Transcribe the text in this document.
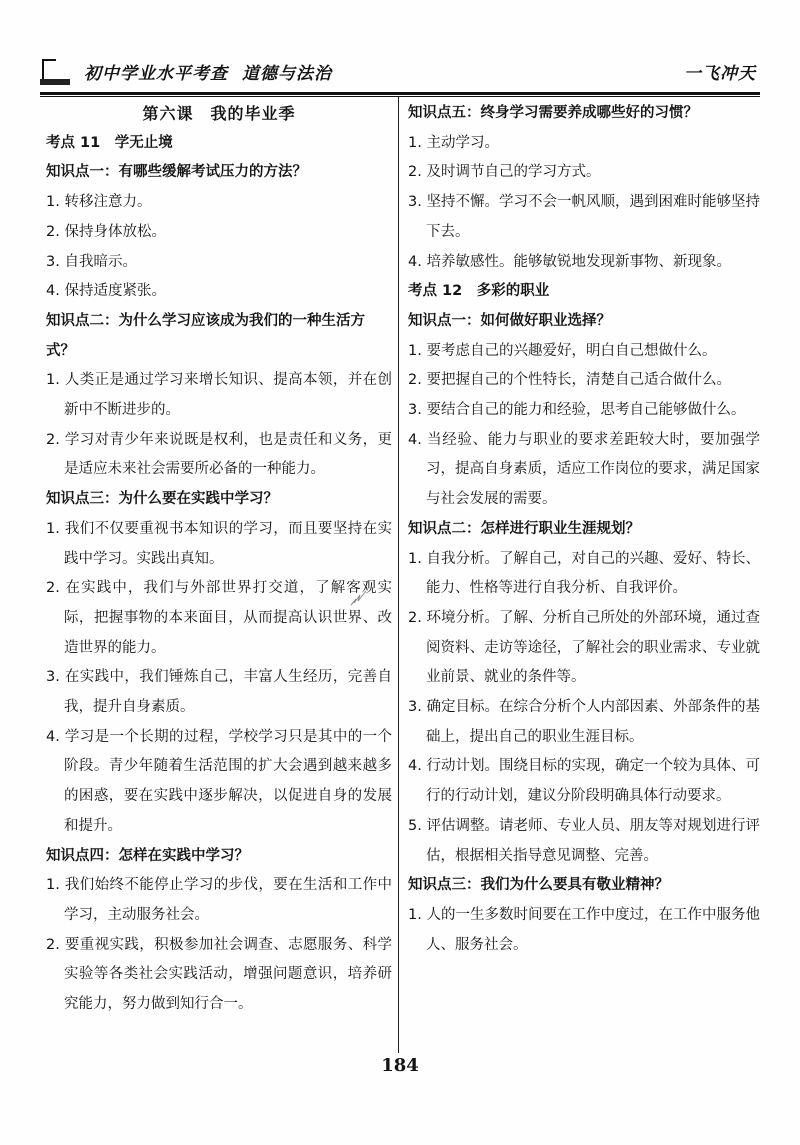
初中学业水平考查 道德与法治	一飞冲天
第六课　我的毕业季
考点 11　学无止境
知识点一：有哪些缓解考试压力的方法？
1. 转移注意力。
2. 保持身体放松。
3. 自我暗示。
4. 保持适度紧张。
知识点二：为什么学习应该成为我们的一种生活方式？
1. 人类正是通过学习来增长知识、提高本领，并在创新中不断进步的。
2. 学习对青少年来说既是权利，也是责任和义务，更是适应未来社会需要所必备的一种能力。
知识点三：为什么要在实践中学习？
1. 我们不仅要重视书本知识的学习，而且要坚持在实践中学习。实践出真知。
2. 在实践中，我们与外部世界打交道，了解客观实际，把握事物的本来面目，从而提高认识世界、改造世界的能力。
3. 在实践中，我们锤炼自己，丰富人生经历，完善自我，提升自身素质。
4. 学习是一个长期的过程，学校学习只是其中的一个阶段。青少年随着生活范围的扩大会遇到越来越多的困惑，要在实践中逐步解决，以促进自身的发展和提升。
知识点四：怎样在实践中学习？
1. 我们始终不能停止学习的步伐，要在生活和工作中学习，主动服务社会。
2. 要重视实践，积极参加社会调查、志愿服务、科学实验等各类社会实践活动，增强问题意识，培养研究能力，努力做到知行合一。
知识点五：终身学习需要养成哪些好的习惯？
1. 主动学习。
2. 及时调节自己的学习方式。
3. 坚持不懈。学习不会一帆风顺，遇到困难时能够坚持下去。
4. 培养敏感性。能够敏锐地发现新事物、新现象。
考点 12　多彩的职业
知识点一：如何做好职业选择？
1. 要考虑自己的兴趣爱好，明白自己想做什么。
2. 要把握自己的个性特长，清楚自己适合做什么。
3. 要结合自己的能力和经验，思考自己能够做什么。
4. 当经验、能力与职业的要求差距较大时，要加强学习，提高自身素质，适应工作岗位的要求，满足国家与社会发展的需要。
知识点二：怎样进行职业生涯规划？
1. 自我分析。了解自己，对自己的兴趣、爱好、特长、能力、性格等进行自我分析、自我评价。
2. 环境分析。了解、分析自己所处的外部环境，通过查阅资料、走访等途径，了解社会的职业需求、专业就业前景、就业的条件等。
3. 确定目标。在综合分析个人内部因素、外部条件的基础上，提出自己的职业生涯目标。
4. 行动计划。围绕目标的实现，确定一个较为具体、可行的行动计划，建议分阶段明确具体行动要求。
5. 评估调整。请老师、专业人员、朋友等对规划进行评估，根据相关指导意见调整、完善。
知识点三：我们为什么要具有敬业精神？
1. 人的一生多数时间要在工作中度过，在工作中服务他人、服务社会。
184
